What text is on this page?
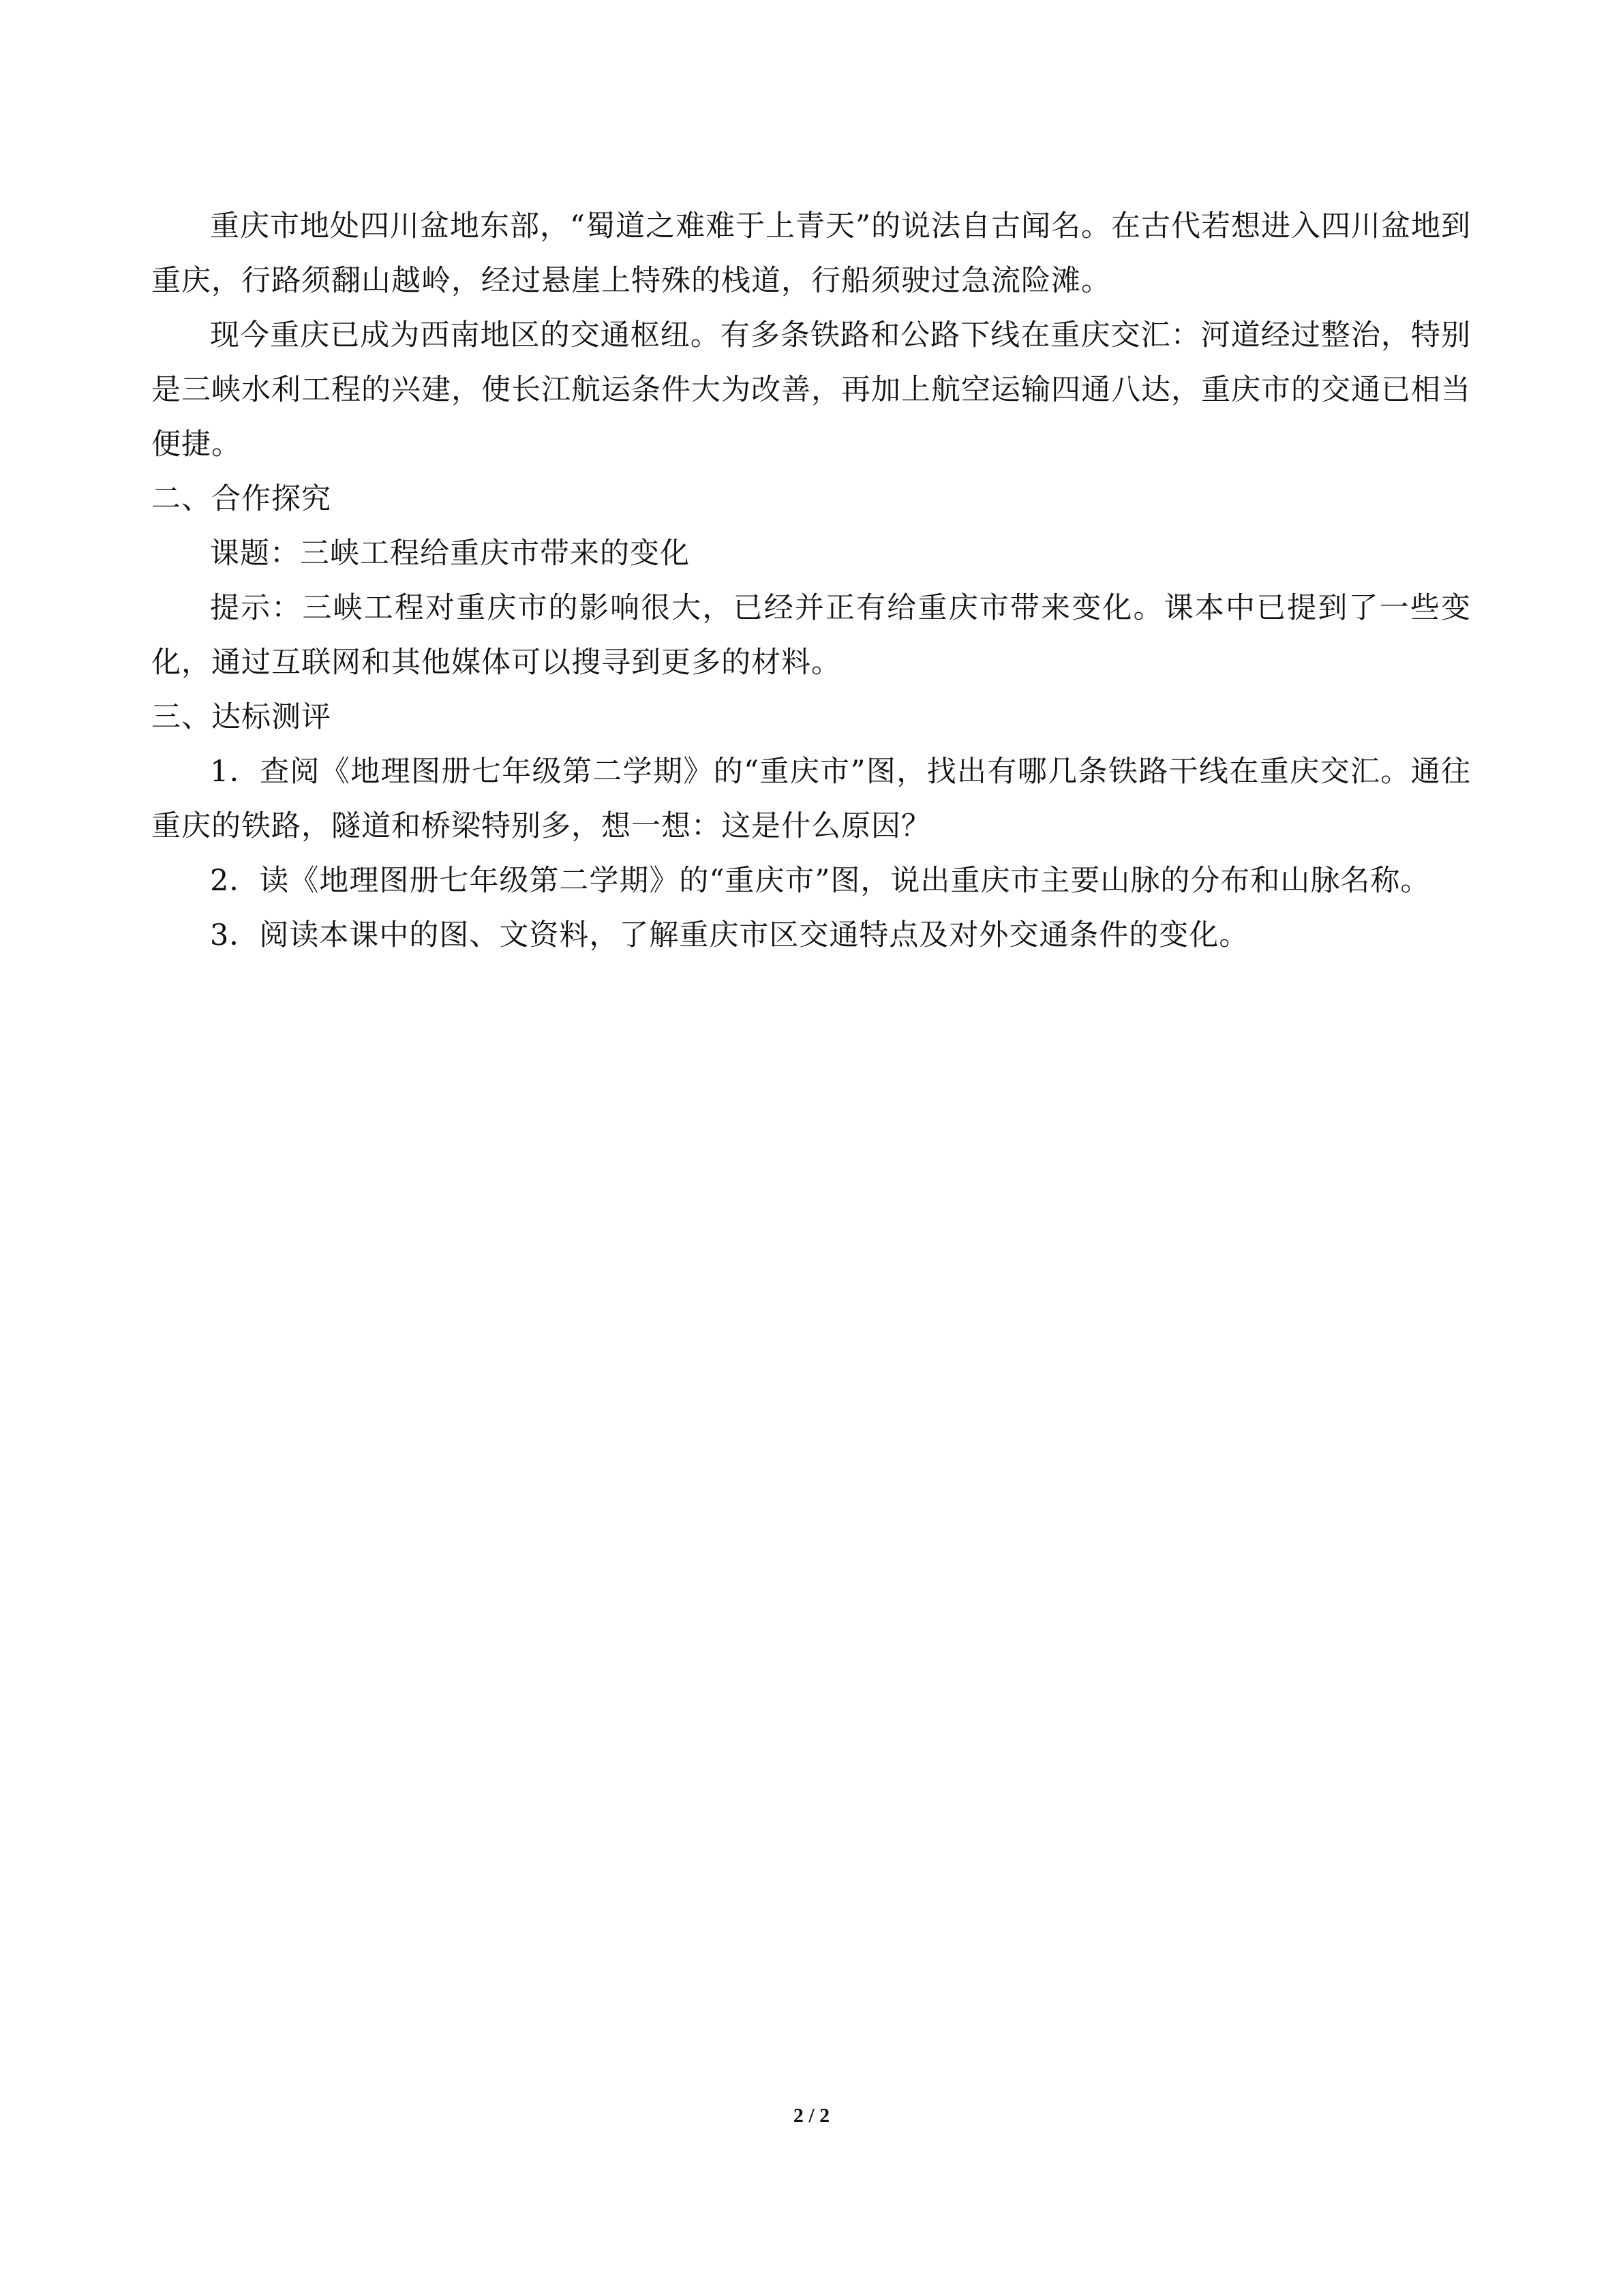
重庆市地处四川盆地东部，“蜀道之难难于上青天”的说法自古闻名。在古代若想进入四川盆地到重庆，行路须翻山越岭，经过悬崖上特殊的栈道，行船须驶过急流险滩。

现今重庆已成为西南地区的交通枢纽。有多条铁路和公路下线在重庆交汇：河道经过整治，特别是三峡水利工程的兴建，使长江航运条件大为改善，再加上航空运输四通八达，重庆市的交通已相当便捷。

二、合作探究

课题：三峡工程给重庆市带来的变化

提示：三峡工程对重庆市的影响很大，已经并正有给重庆市带来变化。课本中已提到了一些变化，通过互联网和其他媒体可以搜寻到更多的材料。

三、达标测评

1．查阅《地理图册七年级第二学期》的“重庆市”图，找出有哪几条铁路干线在重庆交汇。通往重庆的铁路，隧道和桥梁特别多，想一想：这是什么原因？

2．读《地理图册七年级第二学期》的“重庆市”图，说出重庆市主要山脉的分布和山脉名称。

3．阅读本课中的图、文资料，了解重庆市区交通特点及对外交通条件的变化。

2 / 2
